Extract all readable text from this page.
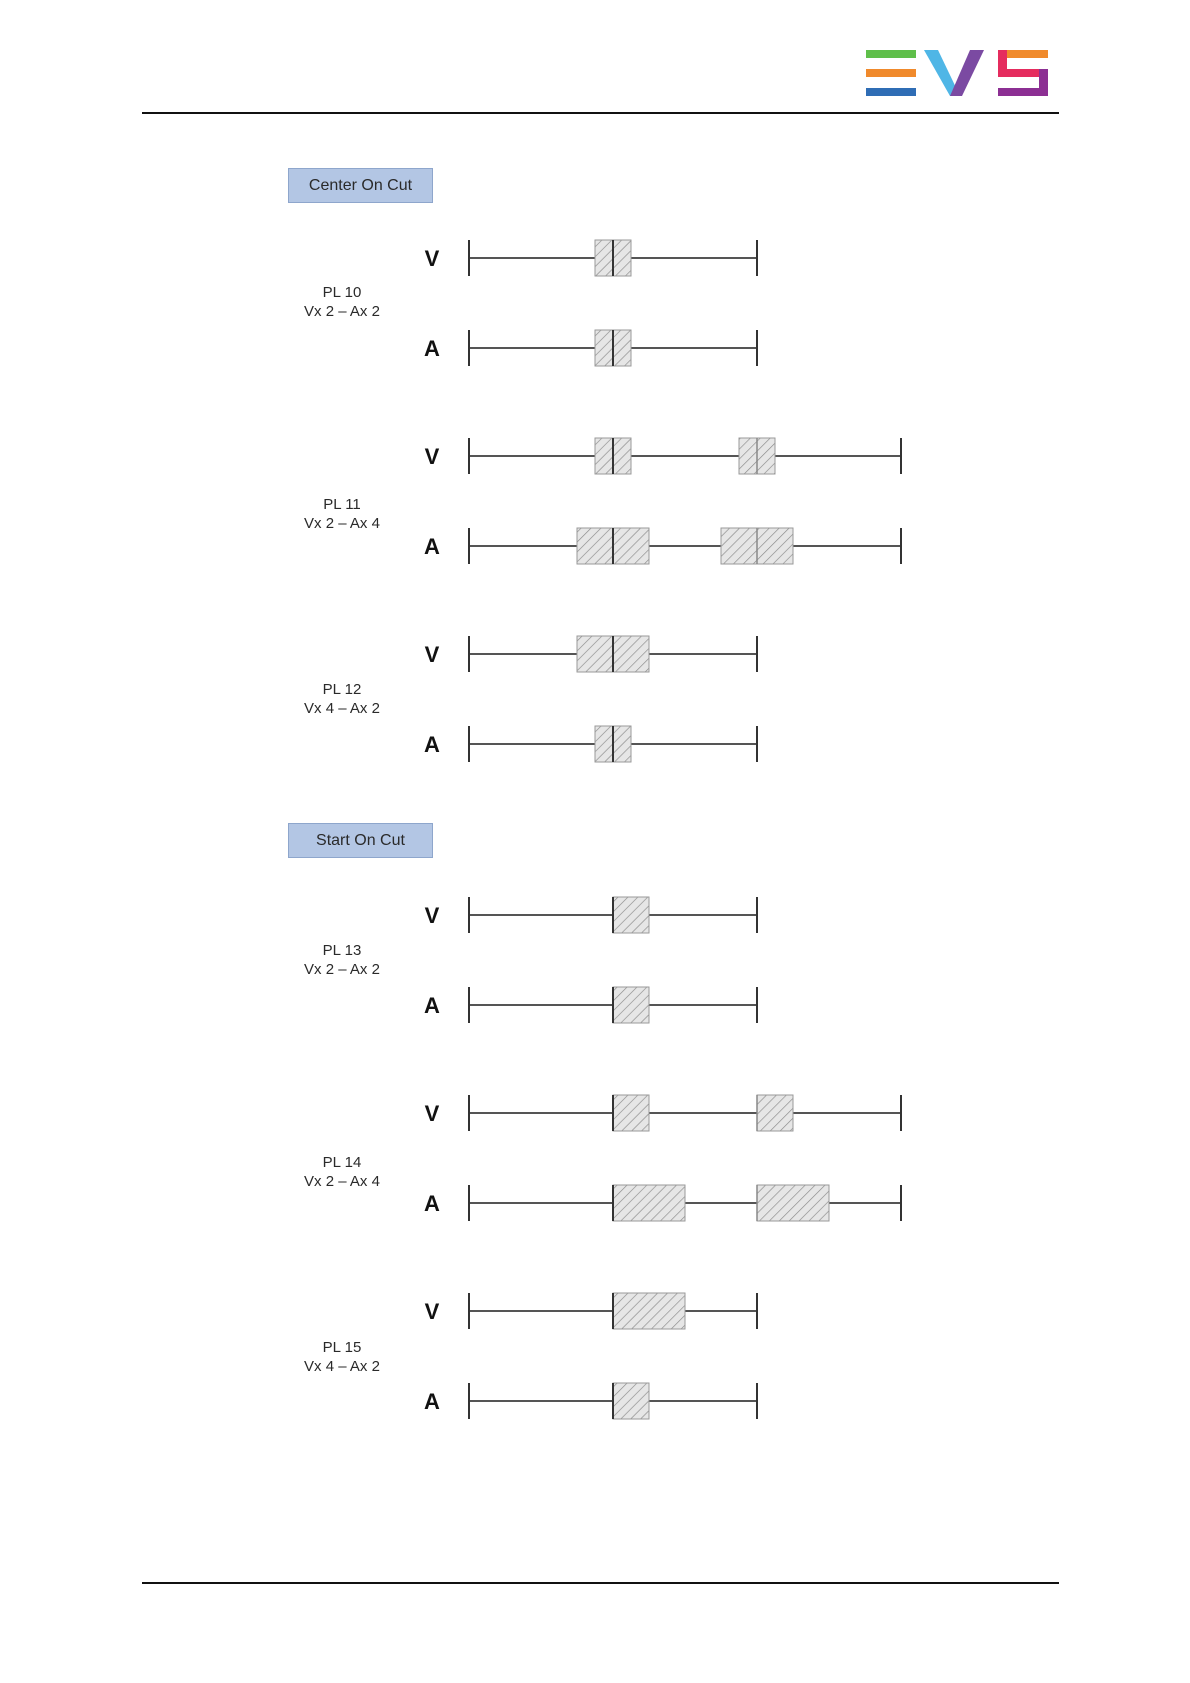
Center On Cut
Start On Cut
PL 10
Vx 2 – Ax 2
PL 11
Vx 2 – Ax 4
PL 12
Vx 4 – Ax 2
PL 13
Vx 2 – Ax 2
PL 14
Vx 2 – Ax 4
PL 15
Vx 4 – Ax 2
V
A
V
A
V
A
V
A
V
A
V
A
